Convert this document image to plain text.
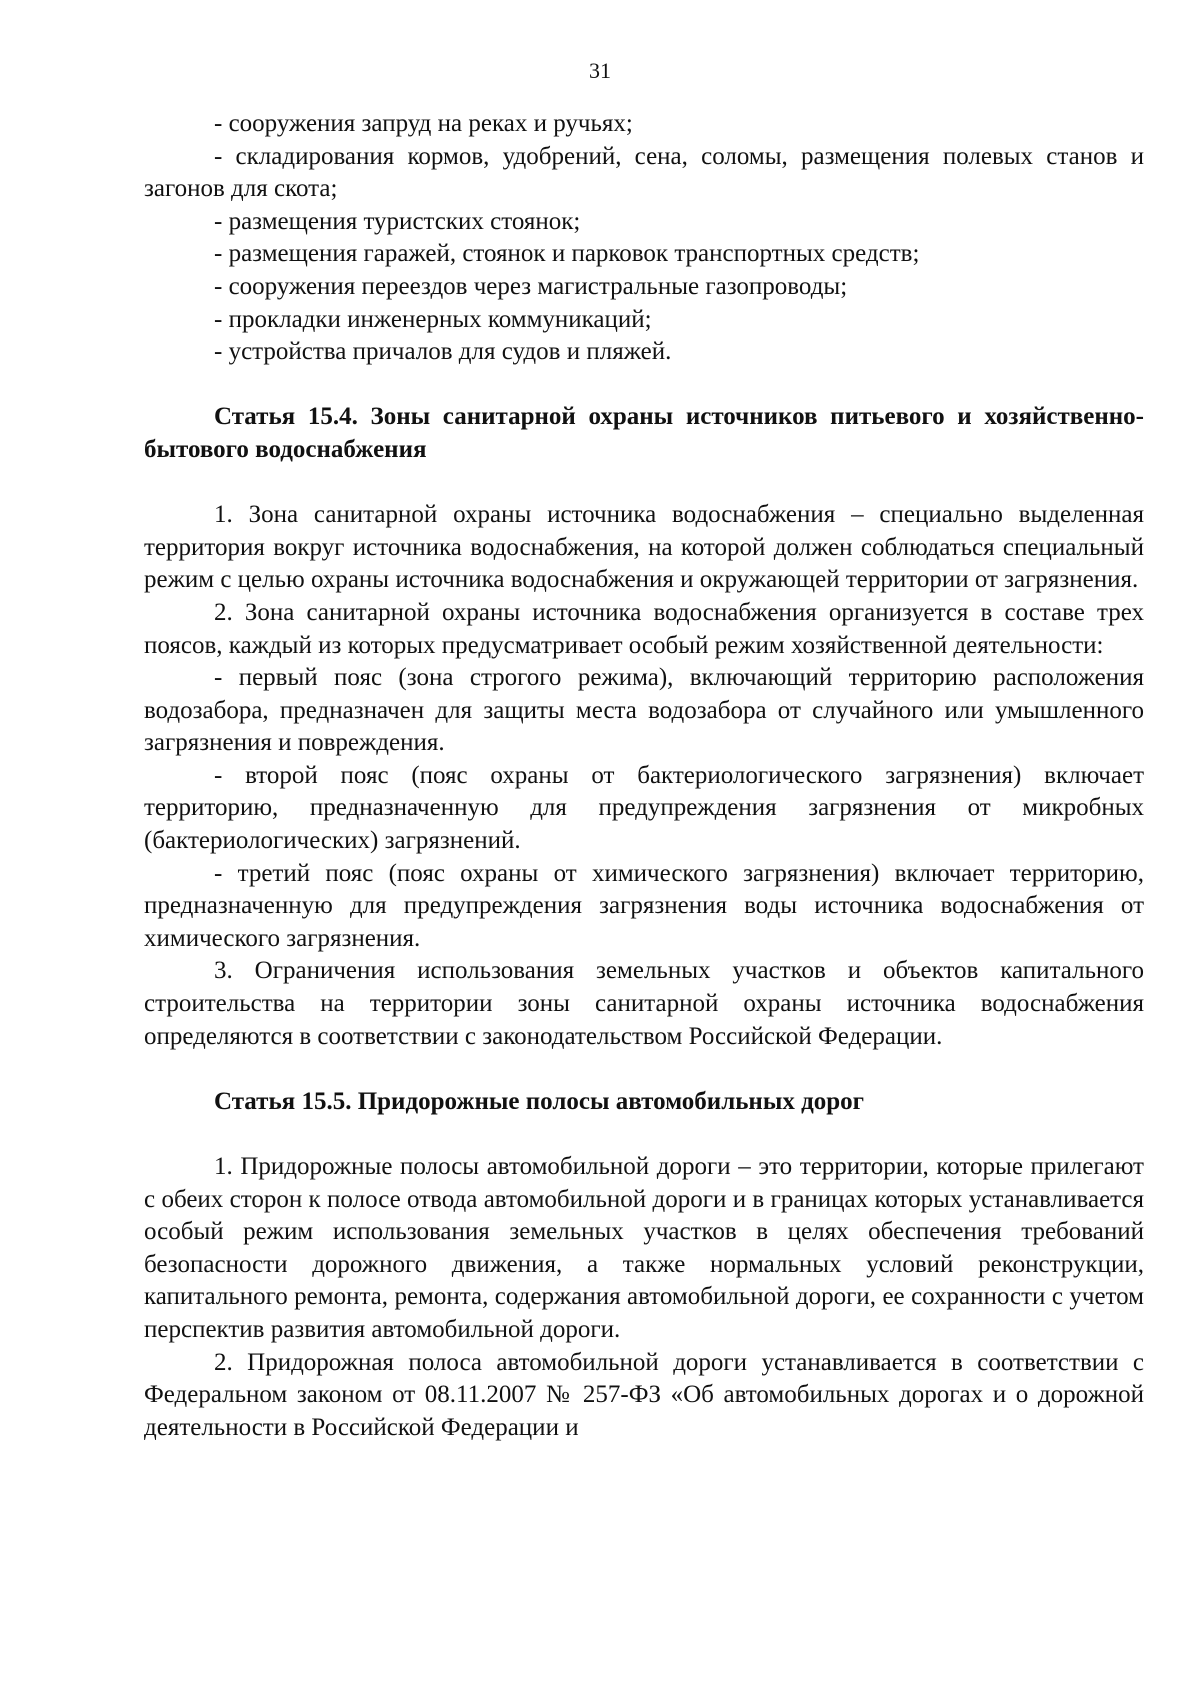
31

- сооружения запруд на реках и ручьях;

- складирования кормов, удобрений, сена, соломы, размещения полевых станов и загонов для скота;

- размещения туристских стоянок;

- размещения гаражей, стоянок и парковок транспортных средств;

- сооружения переездов через магистральные газопроводы;

- прокладки инженерных коммуникаций;

- устройства причалов для судов и пляжей.

Статья 15.4. Зоны санитарной охраны источников питьевого и хозяйственно-бытового водоснабжения

1. Зона санитарной охраны источника водоснабжения – специально выделенная территория вокруг источника водоснабжения, на которой должен соблюдаться специальный режим с целью охраны источника водоснабжения и окружающей территории от загрязнения.

2. Зона санитарной охраны источника водоснабжения организуется в составе трех поясов, каждый из которых предусматривает особый режим хозяйственной деятельности:

- первый пояс (зона строгого режима), включающий территорию расположения водозабора, предназначен для защиты места водозабора от случайного или умышленного загрязнения и повреждения.

- второй пояс (пояс охраны от бактериологического загрязнения) включает территорию, предназначенную для предупреждения загрязнения от микробных (бактериологических) загрязнений.

- третий пояс (пояс охраны от химического загрязнения) включает территорию, предназначенную для предупреждения загрязнения воды источника водоснабжения от химического загрязнения.

3. Ограничения использования земельных участков и объектов капитального строительства на территории зоны санитарной охраны источника водоснабжения определяются в соответствии с законодательством Российской Федерации.

Статья 15.5. Придорожные полосы автомобильных дорог

1. Придорожные полосы автомобильной дороги – это территории, которые прилегают с обеих сторон к полосе отвода автомобильной дороги и в границах которых устанавливается особый режим использования земельных участков в целях обеспечения требований безопасности дорожного движения, а также нормальных условий реконструкции, капитального ремонта, ремонта, содержания автомобильной дороги, ее сохранности с учетом перспектив развития автомобильной дороги.

2. Придорожная полоса автомобильной дороги устанавливается в соответствии с Федеральном законом от 08.11.2007 № 257-ФЗ «Об автомобильных дорогах и о дорожной деятельности в Российской Федерации и
